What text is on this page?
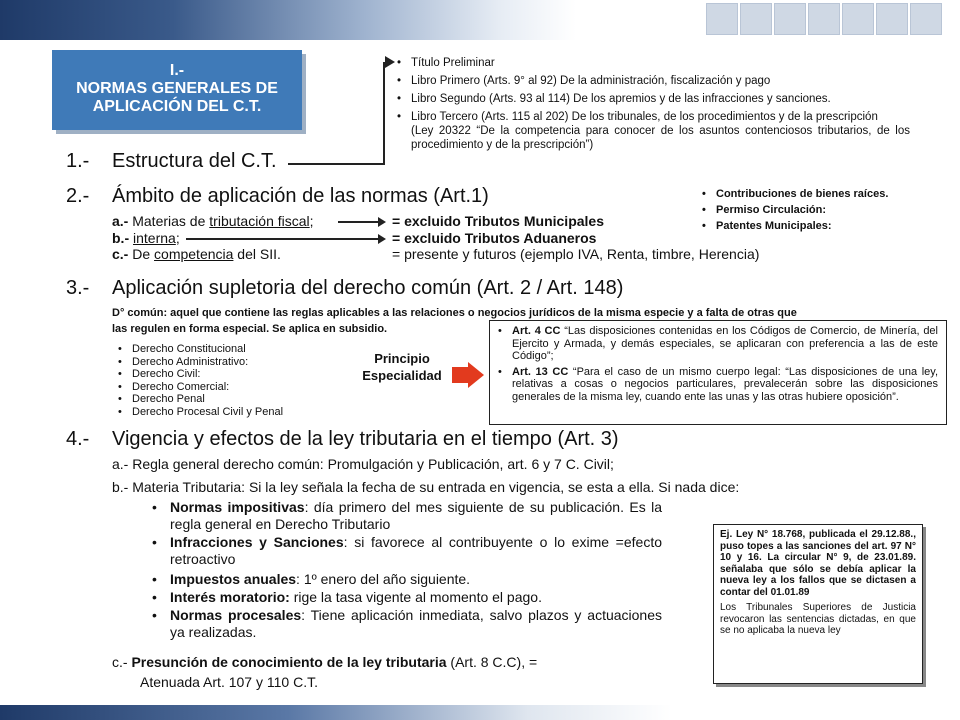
I.-
NORMAS GENERALES DE
APLICACIÓN DEL C.T.
• Título Preliminar
• Libro Primero (Arts. 9° al 92) De la administración, fiscalización y pago
• Libro Segundo (Arts. 93 al 114) De los apremios y de las infracciones y sanciones.
• Libro Tercero (Arts. 115 al 202) De los tribunales, de los procedimientos y de la prescripción
(Ley 20322 “De la competencia para conocer de los asuntos contenciosos tributarios, de los procedimiento y de la prescripción”)
1.- Estructura del C.T.
2.- Ámbito de aplicación de las normas (Art.1)
•	Contribuciones de bienes raíces.
• Permiso Circulación:
• Patentes Municipales:
a.- Materias de tributación fiscal;
b.- interna;
c.- De competencia del SII.
= excluido Tributos Municipales
= excluido Tributos Aduaneros
= presente y futuros (ejemplo IVA, Renta, timbre, Herencia)
3.- Aplicación supletoria del derecho común (Art. 2 / Art. 148)
D° común: aquel que contiene las reglas aplicables a las relaciones o negocios jurídicos de la misma especie y a falta de otras que
las regulen en forma especial. Se aplica en subsidio.
• Derecho Constitucional
• Derecho Administrativo:
• Derecho Civil:
• Derecho Comercial:
• Derecho Penal
• Derecho Procesal Civil y Penal
Principio
Especialidad
• Art. 4 CC “Las disposiciones contenidas en los Códigos de Comercio, de Minería, del Ejercito y Armada, y demás especiales, se aplicaran con preferencia a las de este Código”;
• Art. 13 CC “Para el caso de un mismo cuerpo legal: “Las disposiciones de una ley, relativas a cosas o negocios particulares, prevalecerán sobre las disposiciones generales de la misma ley, cuando ente las unas y las otras hubiere oposición”.
4.- Vigencia y efectos de la ley tributaria en el tiempo (Art. 3)
a.- Regla general derecho común: Promulgación y Publicación, art. 6 y 7 C. Civil;
b.- Materia Tributaria: Si la ley señala la fecha de su entrada en vigencia, se esta a ella. Si nada dice:
• Normas impositivas: día primero del mes siguiente de su publicación. Es la regla general en Derecho Tributario
• Infracciones y Sanciones: si favorece al contribuyente o lo exime =efecto retroactivo
• Impuestos anuales: 1º enero del año siguiente.
• Interés moratorio: rige la tasa vigente al momento el pago.
• Normas procesales: Tiene aplicación inmediata, salvo plazos y actuaciones ya realizadas.
c.- Presunción de conocimiento de la ley tributaria (Art. 8 C.C), =
Atenuada Art. 107 y 110 C.T.
Ej. Ley N° 18.768, publicada el 29.12.88., puso topes a las sanciones del art. 97 N° 10 y 16. La circular N° 9, de 23.01.89. señalaba que sólo se debía aplicar la nueva ley a los fallos que se dictasen a contar del 01.01.89
Los Tribunales Superiores de Justicia revocaron las sentencias dictadas, en que se no aplicaba la nueva ley
